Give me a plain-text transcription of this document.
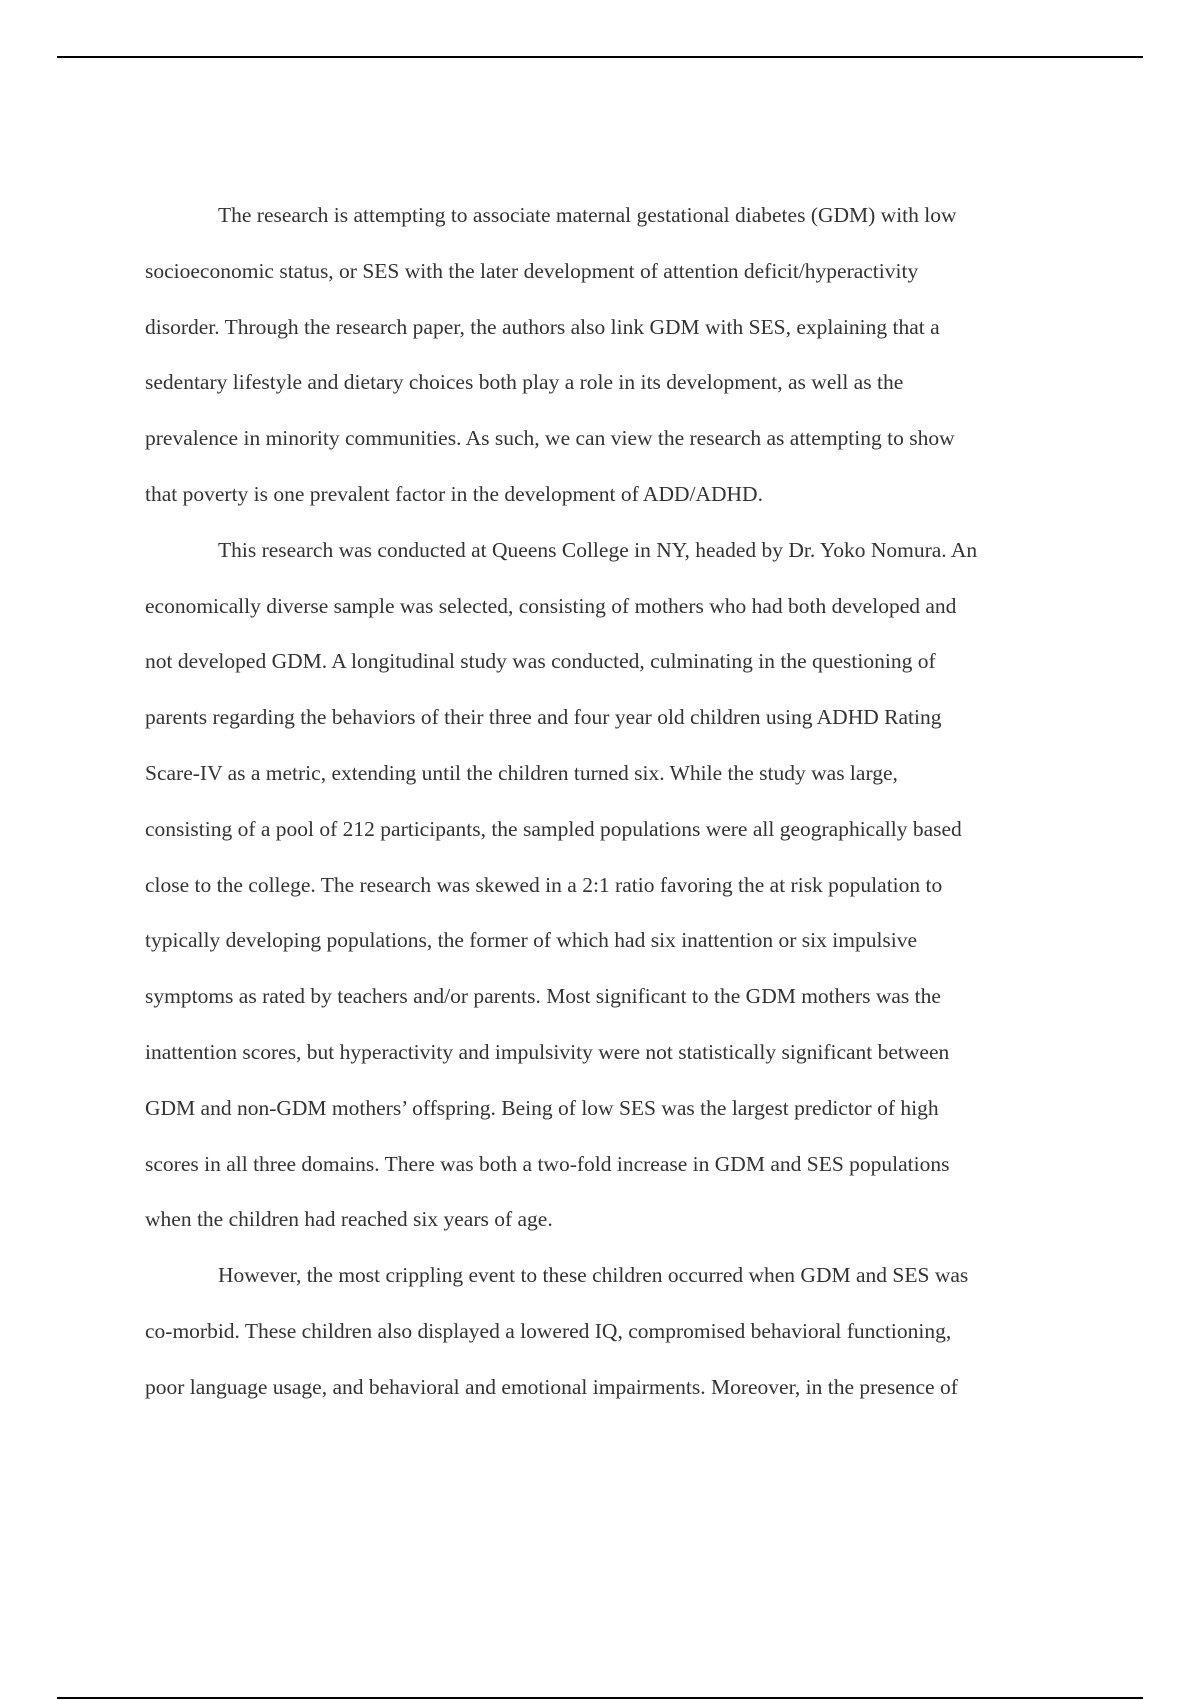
The research is attempting to associate maternal gestational diabetes (GDM) with low
socioeconomic status, or SES with the later development of attention deficit/hyperactivity
disorder. Through the research paper, the authors also link GDM with SES, explaining that a
sedentary lifestyle and dietary choices both play a role in its development, as well as the
prevalence in minority communities. As such, we can view the research as attempting to show
that poverty is one prevalent factor in the development of ADD/ADHD.
This research was conducted at Queens College in NY, headed by Dr. Yoko Nomura. An
economically diverse sample was selected, consisting of mothers who had both developed and
not developed GDM. A longitudinal study was conducted, culminating in the questioning of
parents regarding the behaviors of their three and four year old children using ADHD Rating
Scare-IV as a metric, extending until the children turned six. While the study was large,
consisting of a pool of 212 participants, the sampled populations were all geographically based
close to the college. The research was skewed in a 2:1 ratio favoring the at risk population to
typically developing populations, the former of which had six inattention or six impulsive
symptoms as rated by teachers and/or parents. Most significant to the GDM mothers was the
inattention scores, but hyperactivity and impulsivity were not statistically significant between
GDM and non-GDM mothers’ offspring. Being of low SES was the largest predictor of high
scores in all three domains. There was both a two-fold increase in GDM and SES populations
when the children had reached six years of age.
However, the most crippling event to these children occurred when GDM and SES was
co-morbid. These children also displayed a lowered IQ, compromised behavioral functioning,
poor language usage, and behavioral and emotional impairments. Moreover, in the presence of
